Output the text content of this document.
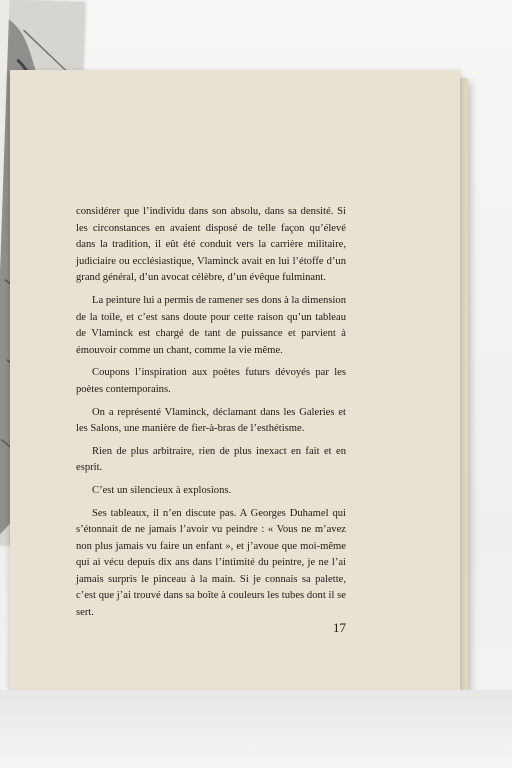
considérer que l’individu dans son absolu, dans sa densité. Si les circonstances en avaient disposé de telle façon qu’élevé dans la tradition, il eût été conduit vers la carrière militaire, judiciaire ou ecclésiastique, Vlaminck avait en lui l’étoffe d’un grand général, d’un avocat célèbre, d’un évêque fulminant.

La peinture lui a permis de ramener ses dons à la dimension de la toile, et c’est sans doute pour cette raison qu’un tableau de Vlaminck est chargé de tant de puissance et parvient à émouvoir comme un chant, comme la vie même.

Coupons l’inspiration aux poètes futurs dévoyés par les poètes contemporains.

On a représenté Vlaminck, déclamant dans les Galeries et les Salons, une manière de fier-à-bras de l’esthétisme.

Rien de plus arbitraire, rien de plus inexact en fait et en esprit.

C’est un silencieux à explosions.

Ses tableaux, il n’en discute pas. A Georges Duhamel qui s’étonnait de ne jamais l’avoir vu peindre : « Vous ne m’avez non plus jamais vu faire un enfant », et j’avoue que moi-même qui ai vécu depuis dix ans dans l’intimité du peintre, je ne l’ai jamais surpris le pinceau à la main. Si je connais sa palette, c’est que j’ai trouvé dans sa boîte à couleurs les tubes dont il se sert.

17
